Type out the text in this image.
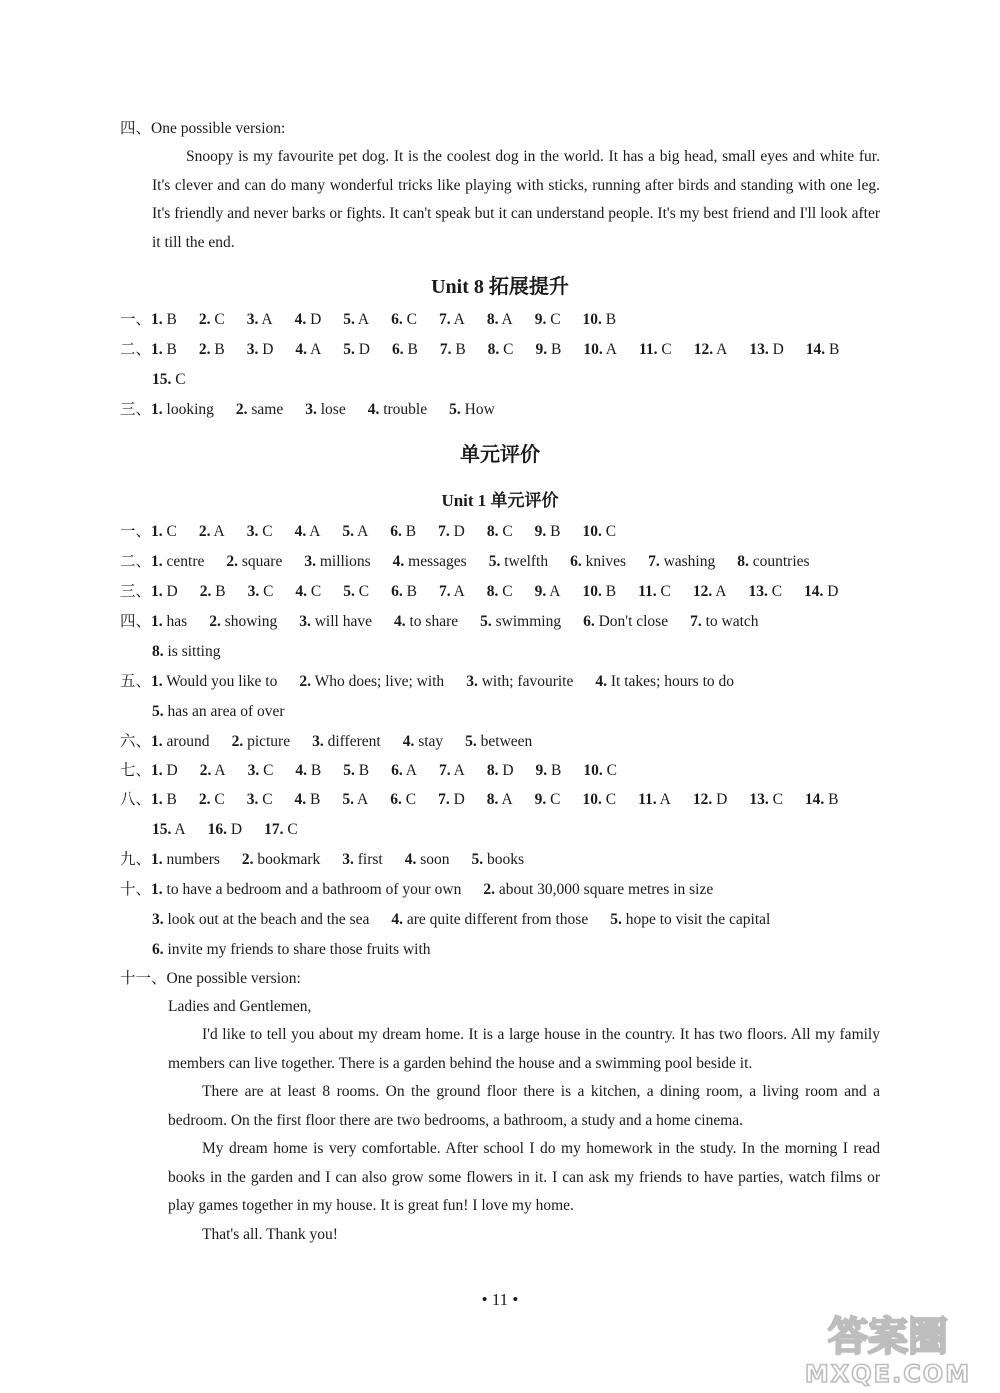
四、One possible version:

Snoopy is my favourite pet dog. It is the coolest dog in the world. It has a big head, small eyes and white fur. It's clever and can do many wonderful tricks like playing with sticks, running after birds and standing with one leg. It's friendly and never barks or fights. It can't speak but it can understand people. It's my best friend and I'll look after it till the end.

Unit 8 拓展提升
一、1. B 2. C 3. A 4. D 5. A 6. C 7. A 8. A 9. C 10. B
二、1. B 2. B 3. D 4. A 5. D 6. B 7. B 8. C 9. B 10. A 11. C 12. A 13. D 14. B
15. C
三、1. looking 2. same 3. lose 4. trouble 5. How
单元评价
Unit 1 单元评价
一、1. C 2. A 3. C 4. A 5. A 6. B 7. D 8. C 9. B 10. C
二、1. centre 2. square 3. millions 4. messages 5. twelfth 6. knives 7. washing 8. countries
三、1. D 2. B 3. C 4. C 5. C 6. B 7. A 8. C 9. A 10. B 11. C 12. A 13. C 14. D
四、1. has 2. showing 3. will have 4. to share 5. swimming 6. Don't close 7. to watch
8. is sitting
五、1. Would you like to 2. Who does; live; with 3. with; favourite 4. It takes; hours to do
5. has an area of over
六、1. around 2. picture 3. different 4. stay 5. between
七、1. D 2. A 3. C 4. B 5. B 6. A 7. A 8. D 9. B 10. C
八、1. B 2. C 3. C 4. B 5. A 6. C 7. D 8. A 9. C 10. C 11. A 12. D 13. C 14. B
15. A 16. D 17. C
九、1. numbers 2. bookmark 3. first 4. soon 5. books
十、1. to have a bedroom and a bathroom of your own 2. about 30,000 square metres in size
3. look out at the beach and the sea 4. are quite different from those 5. hope to visit the capital
6. invite my friends to share those fruits with
十一、One possible version:
Ladies and Gentlemen,

I'd like to tell you about my dream home. It is a large house in the country. It has two floors. All my family members can live together. There is a garden behind the house and a swimming pool beside it.

There are at least 8 rooms. On the ground floor there is a kitchen, a dining room, a living room and a bedroom. On the first floor there are two bedrooms, a bathroom, a study and a home cinema.

My dream home is very comfortable. After school I do my homework in the study. In the morning I read books in the garden and I can also grow some flowers in it. I can ask my friends to have parties, watch films or play games together in my house. It is great fun! I love my home.

That's all. Thank you!

• 11 •
答案圈
MXQE.COM
